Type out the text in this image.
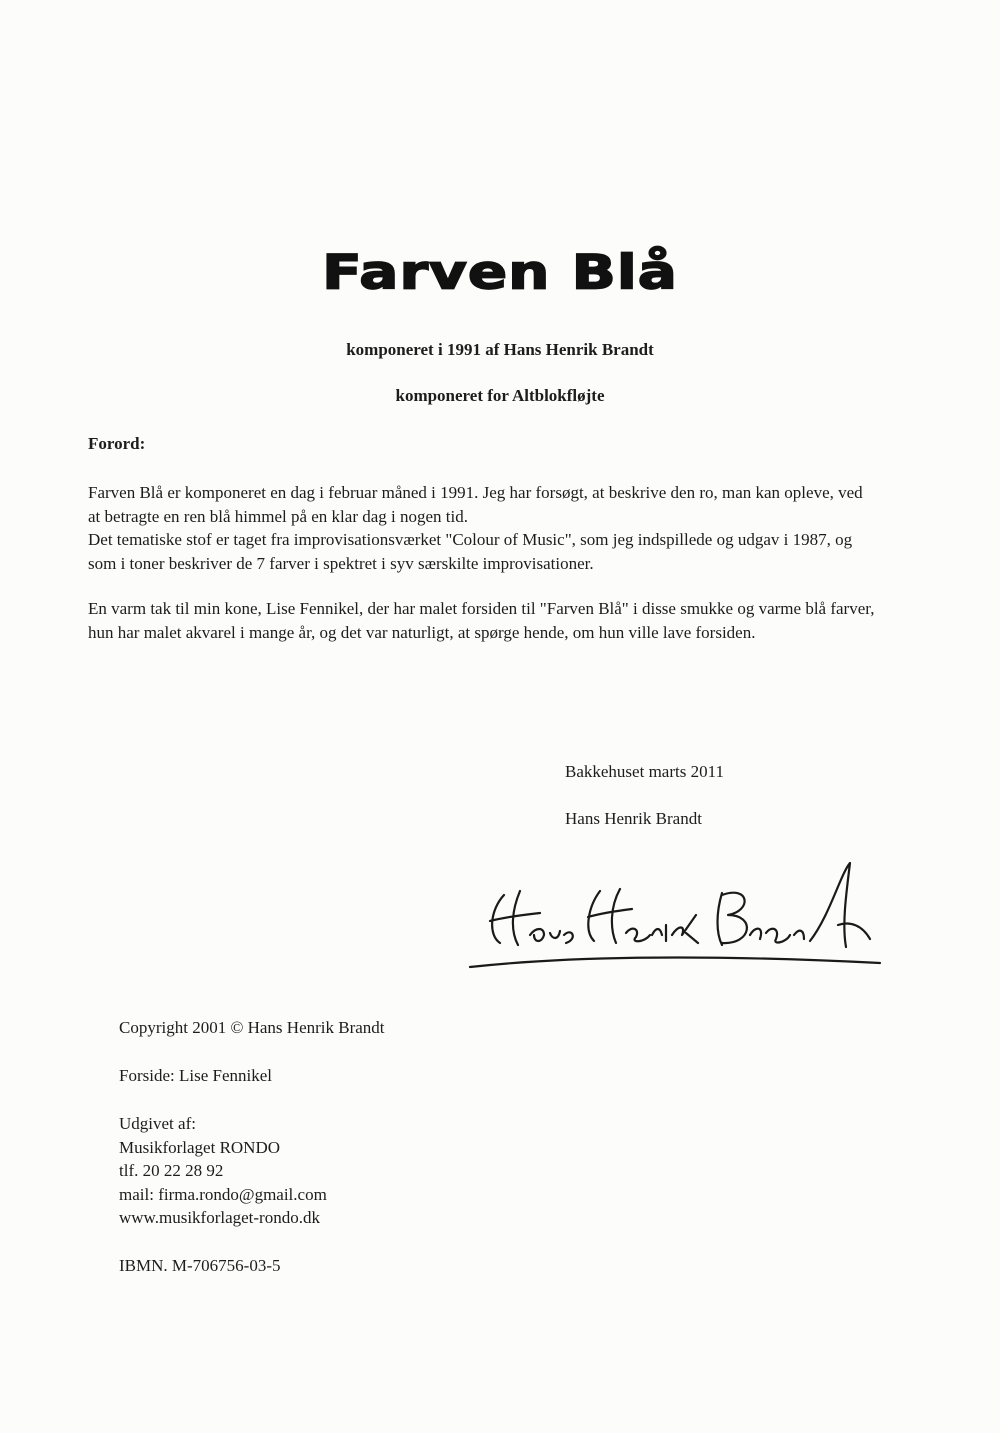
Farven Blå
komponeret i 1991 af Hans Henrik Brandt
komponeret for Altblokfløjte
Forord:

Farven Blå er komponeret en dag i februar måned i 1991. Jeg har forsøgt, at beskrive den ro, man kan opleve, ved at betragte en ren blå himmel på en klar dag i nogen tid.

Det tematiske stof er taget fra improvisationsværket "Colour of Music", som jeg indspillede og udgav i 1987, og som i toner beskriver de 7 farver i spektret i syv særskilte improvisationer.

En varm tak til min kone, Lise Fennikel, der har malet forsiden til "Farven Blå" i disse smukke og varme blå farver, hun har malet akvarel i mange år, og det var naturligt, at spørge hende, om hun ville lave forsiden.

Bakkehuset marts 2011
Hans Henrik Brandt
Copyright 2001 © Hans Henrik Brandt
Forside: Lise Fennikel

Udgivet af:

Musikforlaget RONDO

tlf. 20 22 28 92

mail: firma.rondo@gmail.com

www.musikforlaget-rondo.dk

IBMN. M-706756-03-5
